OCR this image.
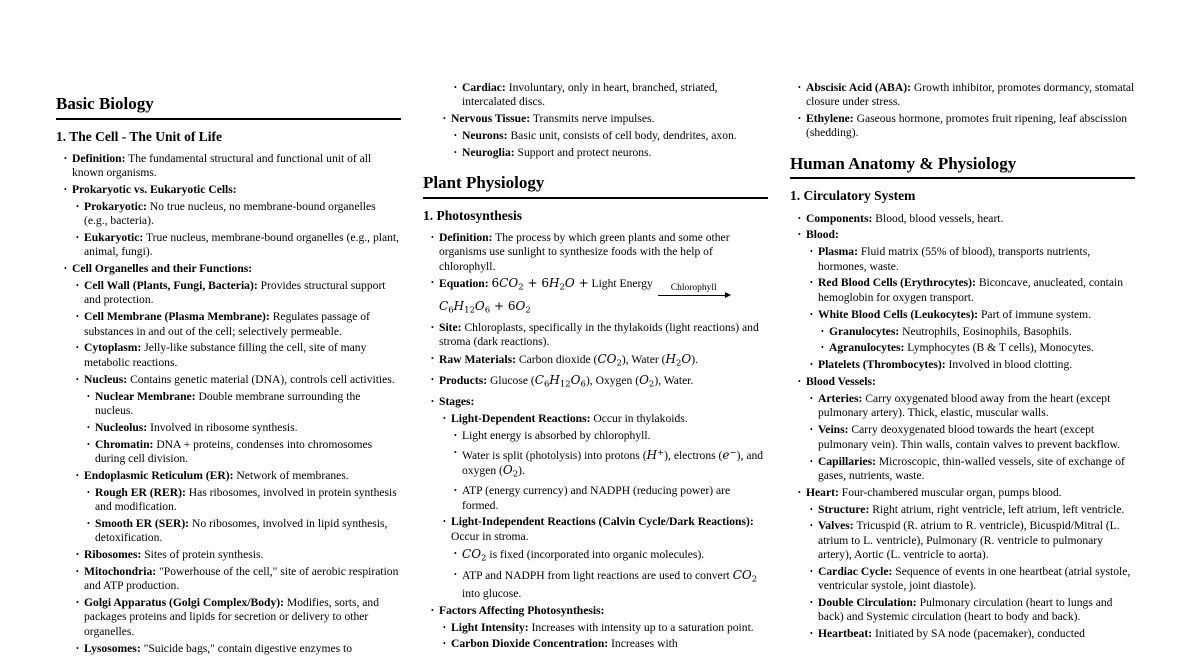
Basic Biology
1. The Cell - The Unit of Life
• Definition: The fundamental structural and functional unit of all known organisms.
• Prokaryotic vs. Eukaryotic Cells:
• Prokaryotic: No true nucleus, no membrane-bound organelles (e.g., bacteria).
• Eukaryotic: True nucleus, membrane-bound organelles (e.g., plant, animal, fungi).
• Cell Organelles and their Functions:
• Cell Wall (Plants, Fungi, Bacteria): Provides structural support and protection.
• Cell Membrane (Plasma Membrane): Regulates passage of substances in and out of the cell; selectively permeable.
• Cytoplasm: Jelly-like substance filling the cell, site of many metabolic reactions.
• Nucleus: Contains genetic material (DNA), controls cell activities.
• Nuclear Membrane: Double membrane surrounding the nucleus.
• Nucleolus: Involved in ribosome synthesis.
• Chromatin: DNA + proteins, condenses into chromosomes during cell division.
• Endoplasmic Reticulum (ER): Network of membranes.
• Rough ER (RER): Has ribosomes, involved in protein synthesis and modification.
• Smooth ER (SER): No ribosomes, involved in lipid synthesis, detoxification.
• Ribosomes: Sites of protein synthesis.
• Mitochondria: "Powerhouse of the cell," site of aerobic respiration and ATP production.
• Golgi Apparatus (Golgi Complex/Body): Modifies, sorts, and packages proteins and lipids for secretion or delivery to other organelles.
• Lysosomes: "Suicide bags," contain digestive enzymes to
• Cardiac: Involuntary, only in heart, branched, striated, intercalated discs.
• Nervous Tissue: Transmits nerve impulses.
• Neurons: Basic unit, consists of cell body, dendrites, axon.
• Neuroglia: Support and protect neurons.
Plant Physiology
1. Photosynthesis
• Definition: The process by which green plants and some other organisms use sunlight to synthesize foods with the help of chlorophyll.
• Equation: $6CO_2 + 6H_2O$ + Light Energy Chlorophyll
$C_6H_{12}O_6 + 6O_2$
• Site: Chloroplasts, specifically in the thylakoids (light reactions) and stroma (dark reactions).
• Raw Materials: Carbon dioxide $(CO_2)$, Water $(H_2O)$.
• Products: Glucose $(C_6H_{12}O_6)$, Oxygen $(O_2)$, Water.
• Stages:
• Light-Dependent Reactions: Occur in thylakoids.
• Light energy is absorbed by chlorophyll.
• Water is split (photolysis) into protons (H+), electrons (e−), and oxygen $(O_2)$.
• ATP (energy currency) and NADPH (reducing power) are formed.
• Light-Independent Reactions (Calvin Cycle/Dark Reactions): Occur in stroma.
• $CO_2$ is fixed (incorporated into organic molecules).
• ATP and NADPH from light reactions are used to convert $CO_2$ into glucose.
• Factors Affecting Photosynthesis:
• Light Intensity: Increases with intensity up to a saturation point.
• Carbon Dioxide Concentration: Increases with
• Abscisic Acid (ABA): Growth inhibitor, promotes dormancy, stomatal closure under stress.
• Ethylene: Gaseous hormone, promotes fruit ripening, leaf abscission (shedding).
Human Anatomy & Physiology
1. Circulatory System
• Components: Blood, blood vessels, heart.
• Blood:
• Plasma: Fluid matrix (55% of blood), transports nutrients, hormones, waste.
• Red Blood Cells (Erythrocytes): Biconcave, anucleated, contain hemoglobin for oxygen transport.
• White Blood Cells (Leukocytes): Part of immune system.
• Granulocytes: Neutrophils, Eosinophils, Basophils.
• Agranulocytes: Lymphocytes (B & T cells), Monocytes.
• Platelets (Thrombocytes): Involved in blood clotting.
• Blood Vessels:
• Arteries: Carry oxygenated blood away from the heart (except pulmonary artery). Thick, elastic, muscular walls.
• Veins: Carry deoxygenated blood towards the heart (except pulmonary vein). Thin walls, contain valves to prevent backflow.
• Capillaries: Microscopic, thin-walled vessels, site of exchange of gases, nutrients, waste.
• Heart: Four-chambered muscular organ, pumps blood.
• Structure: Right atrium, right ventricle, left atrium, left ventricle.
• Valves: Tricuspid (R. atrium to R. ventricle), Bicuspid/Mitral (L. atrium to L. ventricle), Pulmonary (R. ventricle to pulmonary artery), Aortic (L. ventricle to aorta).
• Cardiac Cycle: Sequence of events in one heartbeat (atrial systole, ventricular systole, joint diastole).
• Double Circulation: Pulmonary circulation (heart to lungs and back) and Systemic circulation (heart to body and back).
• Heartbeat: Initiated by SA node (pacemaker), conducted
